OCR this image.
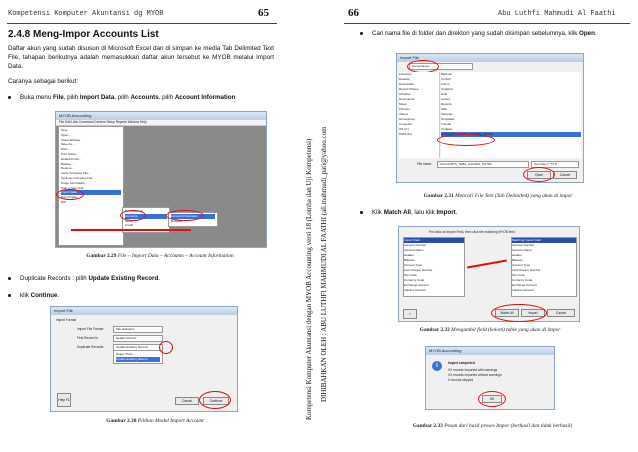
Kompetensi Komputer Akuntansi dg MYOB	65
2.4.8 Meng-Impor Accounts List
Daftar akun yang sudah disusun di Microsoft Excel dan di simpan ke media Tab Delimited Text File, tahapan berikutnya adalah memasukkan daftar akun tersebut ke MYOB melalui Import Data.
Caranya sebagai berikut:
Buka menu File, pilih Import Data, pilih Accounts, pilih Account Information
MYOB Accounting
File Edit Lists Command Centres Setup Reports Window Help
New...
Open...
Close Window
Save As...
Print...
Print Setup...
Default Fonts...
Backup...
Restore...
Verify Company File...
Optimise Company File...
Purge Information...
Start a New Year
Import Data
Export Data
Exit
Tax Code List
Accounts
Items
Cards
Account Information
Budgets
Gambar 2.29 File – Import Data – Accounts – Account Information
Duplicate Records : pilih Update Existing Record.
klik Continue.
Import File
Import Format
Import File Format:	Tab-delimited
First Record is:	Header Record
Duplicate Records:	Update Existing Record
Reject Them
Update Existing Record
Help F1	Cancel	Continue
Gambar 2.30 Pilihan Model Import Account
Kompetensi Komputer Akuntansi dengan MYOB Accounting versi 18 (Lomba dan Uji Kompetensi) DIHIBAHKAN OLEH : ABU LUTHFI MAHMUDI AL FAATHI (ali.mahmudi_pati@yahoo.com
66	Abu Luthfi Mahmudi Al Faathi
Cari nama file di folder dan direktori yang sudah disimpan sebelumnya, klik Open.
Import File
Accounting ▸
Favorites
Desktop
Downloads
Recent Places
Libraries
Documents
Music
Pictures
Videos
Homegroup
Computer
OS (C:)
DATA (D:)
Bantuan
Contoh
Forms
Graphics
Help
Letters
Reports
SDK
Samples
Templates
Tutorial
Updates
ACCOUNTS_TEBA_GANAPA_PUTRA
File name:	ACCOUNTS_TEBA_GANAPA_PUTRA	Text Files (*.TXT)
Open	Cancel
Gambar 2.31 Mencari File Text (Tab Delimited) yang akan di impor
Klik Match All, lalu klik Import.
Pre-click an Import Field, then click the matching MYOB field.
Import Field
Account Number
Account Name
Header
Balance
Account Type
Last Cheque Number
Tax Code
Currency Code
Exchange Account
Inactive Account
Matching Import Field
Account Number
Account Name
Header
Balance
Account Type
Last Cheque Number
Tax Code
Currency Code
Exchange Account
Inactive Account
?	Match All	Import	Cancel
Gambar 2.32 Mengambil field (kolom) table yang akan di impor
MYOB Accounting
i	Import completed
XX records imported with warnings
XX records imported without warnings
0 records skipped
OK
Gambar 2.33 Pesan dari hasil proses Impor (berhasil dan tidak berhasil)
